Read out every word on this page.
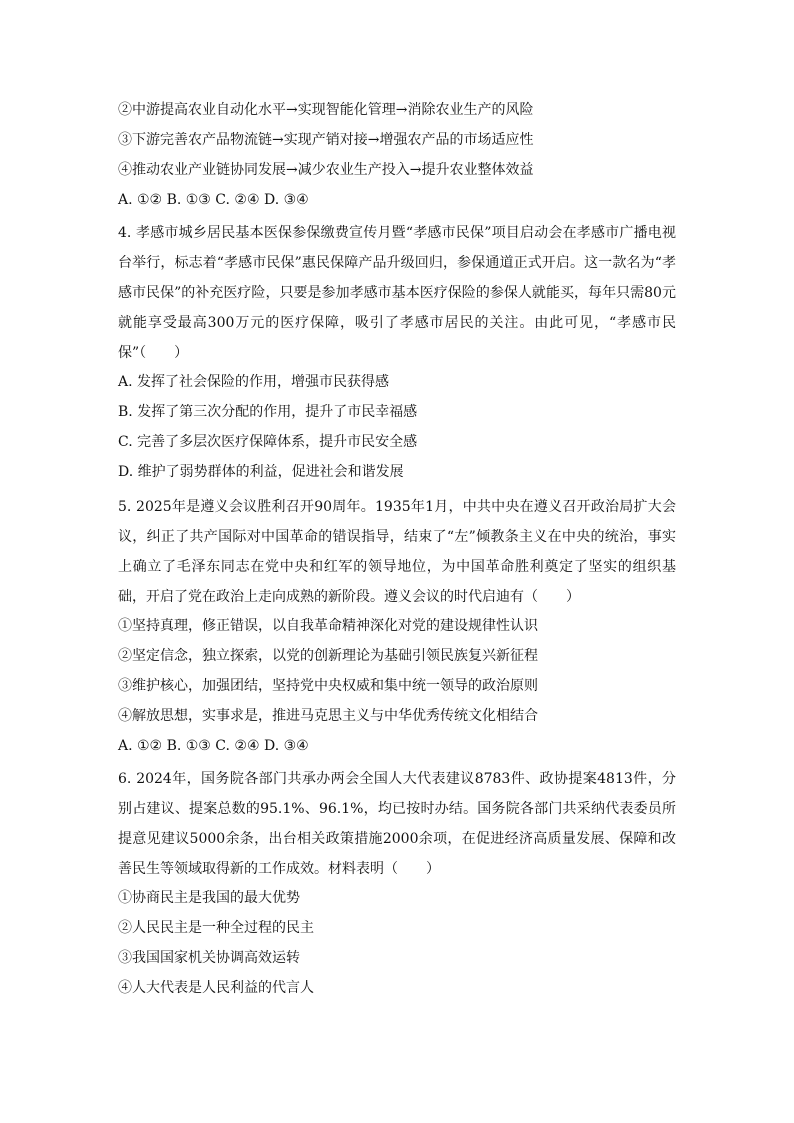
②中游提高农业自动化水平→实现智能化管理→消除农业生产的风险

③下游完善农产品物流链→实现产销对接→增强农产品的市场适应性

④推动农业产业链协同发展→减少农业生产投入→提升农业整体效益

A. ①② B. ①③ C. ②④ D. ③④

4. 孝感市城乡居民基本医保参保缴费宣传月暨“孝感市民保”项目启动会在孝感市广播电视台举行，标志着“孝感市民保”惠民保障产品升级回归，参保通道正式开启。这一款名为“孝感市民保”的补充医疗险，只要是参加孝感市基本医疗保险的参保人就能买，每年只需80元就能享受最高300万元的医疗保障，吸引了孝感市居民的关注。由此可见，“孝感市民保”（　　）

A. 发挥了社会保险的作用，增强市民获得感

B. 发挥了第三次分配的作用，提升了市民幸福感

C. 完善了多层次医疗保障体系，提升市民安全感

D. 维护了弱势群体的利益，促进社会和谐发展

5. 2025年是遵义会议胜利召开90周年。1935年1月，中共中央在遵义召开政治局扩大会议，纠正了共产国际对中国革命的错误指导，结束了“左”倾教条主义在中央的统治，事实上确立了毛泽东同志在党中央和红军的领导地位，为中国革命胜利奠定了坚实的组织基础，开启了党在政治上走向成熟的新阶段。遵义会议的时代启迪有（　　）

①坚持真理，修正错误，以自我革命精神深化对党的建设规律性认识

②坚定信念，独立探索，以党的创新理论为基础引领民族复兴新征程

③维护核心，加强团结，坚持党中央权威和集中统一领导的政治原则

④解放思想，实事求是，推进马克思主义与中华优秀传统文化相结合

A. ①② B. ①③ C. ②④ D. ③④

6. 2024年，国务院各部门共承办两会全国人大代表建议8783件、政协提案4813件，分别占建议、提案总数的95.1%、96.1%，均已按时办结。国务院各部门共采纳代表委员所提意见建议5000余条，出台相关政策措施2000余项，在促进经济高质量发展、保障和改善民生等领域取得新的工作成效。材料表明（　　）

①协商民主是我国的最大优势

②人民民主是一种全过程的民主

③我国国家机关协调高效运转

④人大代表是人民利益的代言人
